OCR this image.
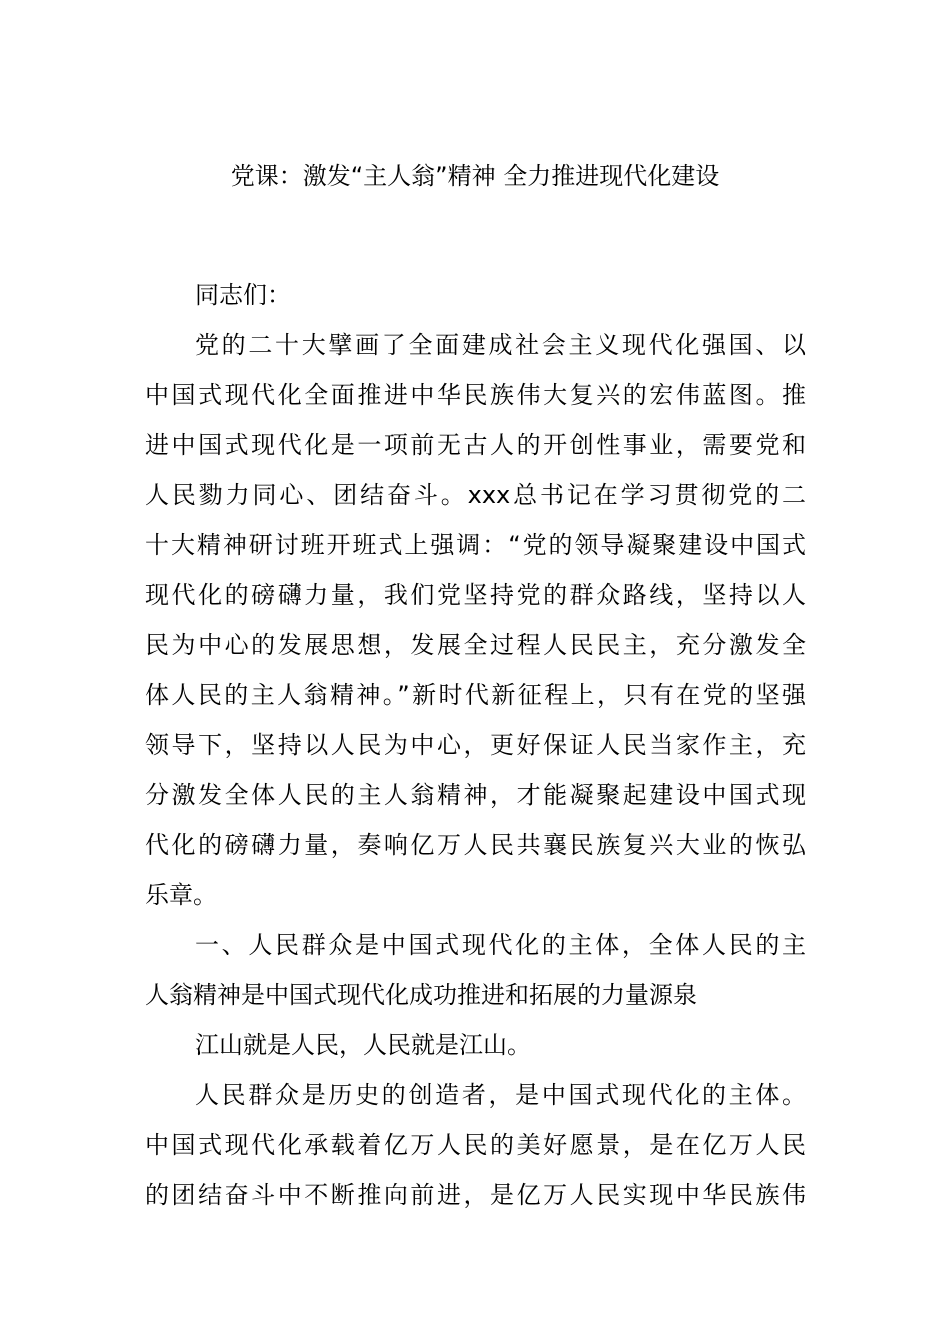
党课：激发“主人翁”精神 全力推进现代化建设
同志们：
党的二十大擘画了全面建成社会主义现代化强国、以
中国式现代化全面推进中华民族伟大复兴的宏伟蓝图。推
进中国式现代化是一项前无古人的开创性事业，需要党和
人民勠力同心、团结奋斗。xxx总书记在学习贯彻党的二
十大精神研讨班开班式上强调：“党的领导凝聚建设中国式
现代化的磅礴力量，我们党坚持党的群众路线，坚持以人
民为中心的发展思想，发展全过程人民民主，充分激发全
体人民的主人翁精神。”新时代新征程上，只有在党的坚强
领导下，坚持以人民为中心，更好保证人民当家作主，充
分激发全体人民的主人翁精神，才能凝聚起建设中国式现
代化的磅礴力量，奏响亿万人民共襄民族复兴大业的恢弘
乐章。
一、人民群众是中国式现代化的主体，全体人民的主
人翁精神是中国式现代化成功推进和拓展的力量源泉
江山就是人民，人民就是江山。
人民群众是历史的创造者，是中国式现代化的主体。
中国式现代化承载着亿万人民的美好愿景，是在亿万人民
的团结奋斗中不断推向前进，是亿万人民实现中华民族伟
